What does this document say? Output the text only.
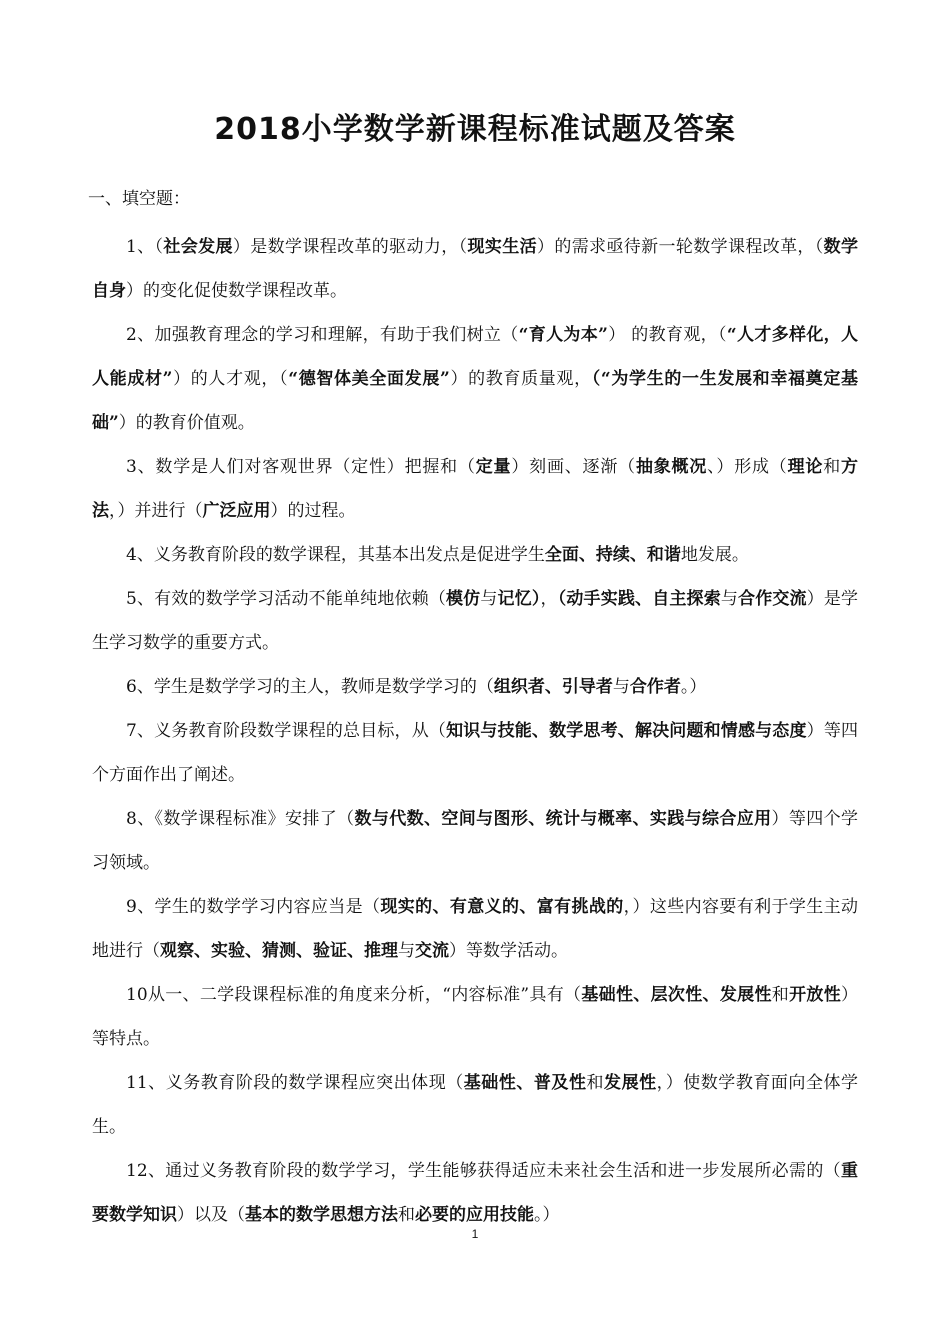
2018小学数学新课程标准试题及答案
一、填空题：

1、（社会发展）是数学课程改革的驱动力，（现实生活）的需求亟待新一轮数学课程改革，（数学自身）的变化促使数学课程改革。

2、加强教育理念的学习和理解，有助于我们树立（“育人为本”） 的教育观，（“人才多样化，人人能成材”）的人才观，（“德智体美全面发展”）的教育质量观，（“为学生的一生发展和幸福奠定基础”）的教育价值观。

3、数学是人们对客观世界（定性）把握和（定量）刻画、逐渐（抽象概况、）形成（理论和方法，）并进行（广泛应用）的过程。

4、义务教育阶段的数学课程，其基本出发点是促进学生全面、持续、和谐地发展。

5、有效的数学学习活动不能单纯地依赖（模仿与记忆），（动手实践、自主探索与合作交流）是学生学习数学的重要方式。

6、学生是数学学习的主人，教师是数学学习的（组织者、引导者与合作者。）

7、义务教育阶段数学课程的总目标，从（知识与技能、数学思考、解决问题和情感与态度）等四个方面作出了阐述。

8、《数学课程标准》安排了（数与代数、空间与图形、统计与概率、实践与综合应用）等四个学习领域。

9、学生的数学学习内容应当是（现实的、有意义的、富有挑战的，）这些内容要有利于学生主动地进行（观察、实验、猜测、验证、推理与交流）等数学活动。

10从一、二学段课程标准的角度来分析，“内容标准”具有（基础性、层次性、发展性和开放性）等特点。

11、义务教育阶段的数学课程应突出体现（基础性、普及性和发展性，）使数学教育面向全体学生。

12、通过义务教育阶段的数学学习，学生能够获得适应未来社会生活和进一步发展所必需的（重要数学知识）以及（基本的数学思想方法和必要的应用技能。）

1
